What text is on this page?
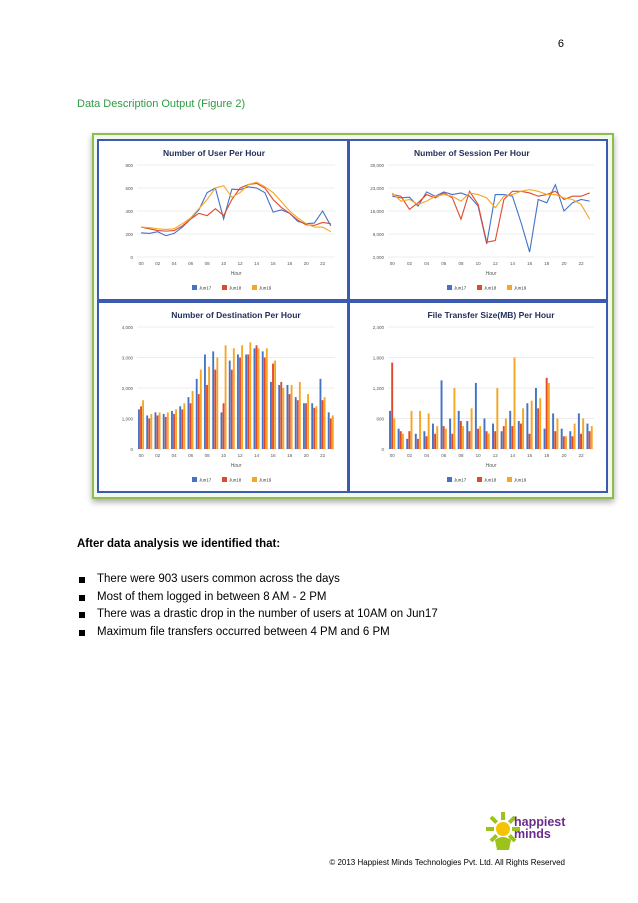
6
Data Description Output (Figure 2)
Number of User Per Hour
0
200
400
600
800
00	02	04	06	08	10	12	14	16	18	20	22
Hour
Jun17	Jun18	Jun19
Number of Session Per Hour
2,000
9,000
16,000
23,000
30,000
00	02	04	06	08	10	12	14	16	18	20	22
Hour
Jun17	Jun18	Jun19
Number of Destination Per Hour
0
1,000
2,000
3,000
4,000
00	02	04	06	08	10	12	14	16	18	20	22
Hour
Jun17	Jun18	Jun19
File Transfer Size(MB) Per Hour
0
600
1,200
1,800
2,400
00	02	04	06	08	10	12	14	16	18	20	22
Hour
Jun17	Jun18	Jun19
After data analysis we identified that:
There were 903 users common across the days
Most of them logged in between 8 AM - 2 PM
There was a drastic drop in the number of users at 10AM on Jun17
Maximum file transfers occurred between 4 PM and 6 PM
happiest
minds
© 2013 Happiest Minds Technologies Pvt. Ltd. All Rights Reserved
